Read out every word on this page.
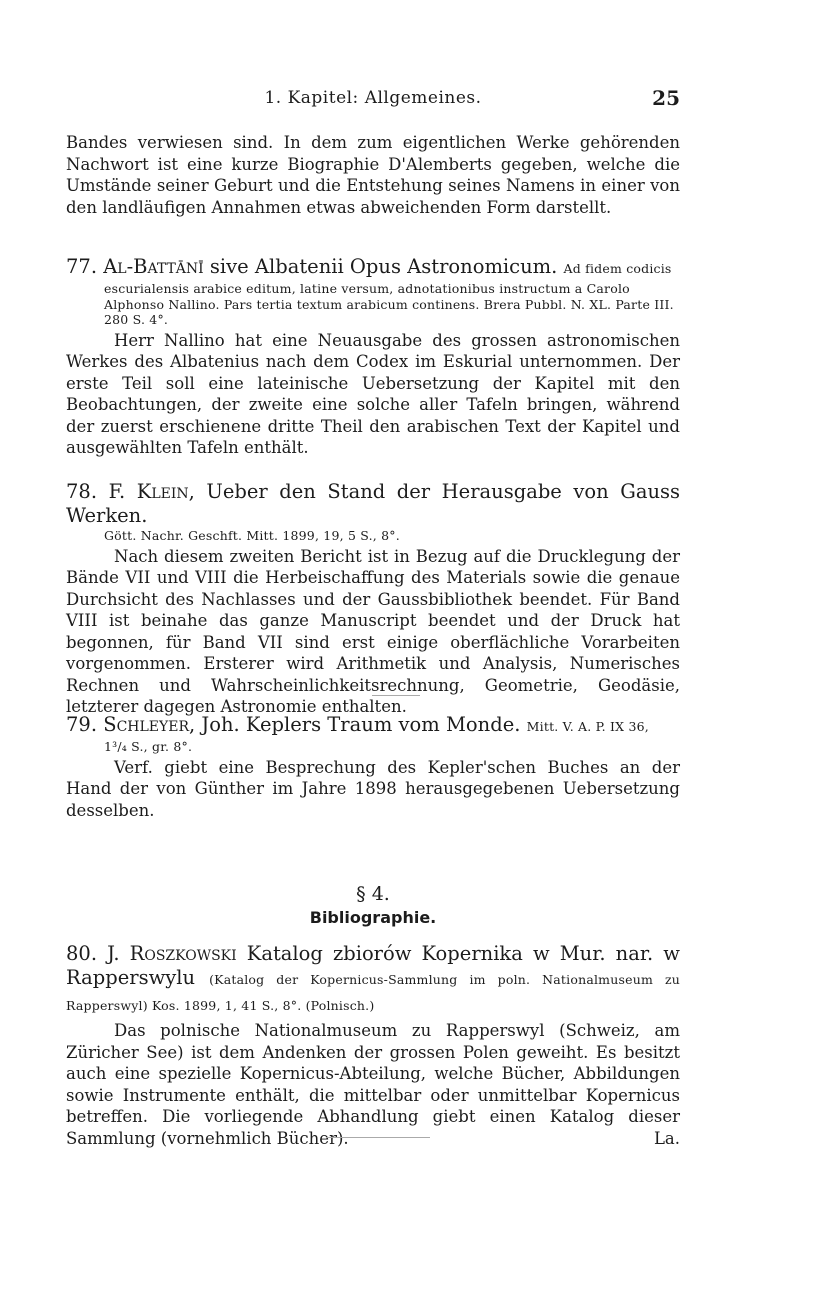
1. Kapitel: Allgemeines.	25
Bandes verwiesen sind. In dem zum eigentlichen Werke gehörenden Nachwort ist eine kurze Biographie D'Alemberts gegeben, welche die Umstände seiner Geburt und die Entstehung seines Namens in einer von den landläufigen Annahmen etwas abweichenden Form darstellt.
77. Al-Battānī sive Albatenii Opus Astronomicum. Ad fidem codicis
escurialensis arabice editum, latine versum, adnotationibus instructum a Carolo Alphonso Nallino. Pars tertia textum arabicum continens. Brera Pubbl. N. XL. Parte III. 280 S. 4°.
Herr Nallino hat eine Neuausgabe des grossen astronomischen Werkes des Albatenius nach dem Codex im Eskurial unternommen. Der erste Teil soll eine lateinische Uebersetzung der Kapitel mit den Beobachtungen, der zweite eine solche aller Tafeln bringen, während der zuerst erschienene dritte Theil den arabischen Text der Kapitel und ausgewählten Tafeln enthält.
78. F. Klein, Ueber den Stand der Herausgabe von Gauss Werken.
Gött. Nachr. Geschft. Mitt. 1899, 19, 5 S., 8°.
Nach diesem zweiten Bericht ist in Bezug auf die Drucklegung der Bände VII und VIII die Herbeischaffung des Materials sowie die genaue Durchsicht des Nachlasses und der Gaussbibliothek beendet. Für Band VIII ist beinahe das ganze Manuscript beendet und der Druck hat begonnen, für Band VII sind erst einige oberflächliche Vorarbeiten vorgenommen. Ersterer wird Arithmetik und Analysis, Numerisches Rechnen und Wahrscheinlichkeitsrechnung, Geometrie, Geodäsie, letzterer dagegen Astronomie enthalten.
79. Schleyer, Joh. Keplers Traum vom Monde. Mitt. V. A. P. IX 36,
1³/₄ S., gr. 8°.
Verf. giebt eine Besprechung des Kepler'schen Buches an der Hand der von Günther im Jahre 1898 herausgegebenen Uebersetzung desselben.
§ 4.
Bibliographie.
80. J. Roszkowski Katalog zbiorów Kopernika w Mur. nar. w Rapperswylu (Katalog der Kopernicus-Sammlung im poln. Nationalmuseum zu Rapperswyl) Kos. 1899, 1, 41 S., 8°. (Polnisch.)
Das polnische Nationalmuseum zu Rapperswyl (Schweiz, am Züricher See) ist dem Andenken der grossen Polen geweiht. Es besitzt auch eine spezielle Kopernicus-Abteilung, welche Bücher, Abbildungen sowie Instrumente enthält, die mittelbar oder unmittelbar Kopernicus betreffen. Die vorliegende Abhandlung giebt einen Katalog dieser Sammlung (vornehmlich Bücher).	La.
